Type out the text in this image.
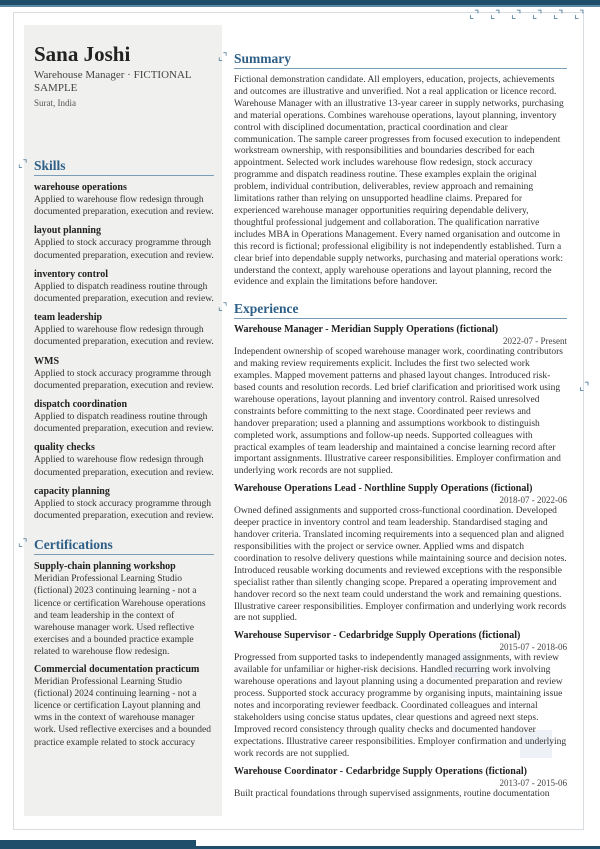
⌞⌝ ⌞⌝ ⌞⌝ ⌞⌝ ⌞⌝ ⌞⌝
Sana Joshi
Warehouse Manager · FICTIONAL SAMPLE
Surat, India
⌞⌝ Skills
warehouse operations
Applied to warehouse flow redesign through documented preparation, execution and review.
layout planning
Applied to stock accuracy programme through documented preparation, execution and review.
inventory control
Applied to dispatch readiness routine through documented preparation, execution and review.
team leadership
Applied to warehouse flow redesign through documented preparation, execution and review.
WMS
Applied to stock accuracy programme through documented preparation, execution and review.
dispatch coordination
Applied to dispatch readiness routine through documented preparation, execution and review.
quality checks
Applied to warehouse flow redesign through documented preparation, execution and review.
capacity planning
Applied to stock accuracy programme through documented preparation, execution and review.
⌞⌝ Certifications
Supply-chain planning workshop
Meridian Professional Learning Studio (fictional) 2023 continuing learning - not a licence or certification Warehouse operations and team leadership in the context of warehouse manager work. Used reflective exercises and a bounded practice example related to warehouse flow redesign.
Commercial documentation practicum
Meridian Professional Learning Studio (fictional) 2024 continuing learning - not a licence or certification Layout planning and wms in the context of warehouse manager work. Used reflective exercises and a bounded practice example related to stock accuracy
⌞⌝ Summary
Fictional demonstration candidate. All employers, education, projects, achievements and outcomes are illustrative and unverified. Not a real application or licence record. Warehouse Manager with an illustrative 13-year career in supply networks, purchasing and material operations. Combines warehouse operations, layout planning, inventory control with disciplined documentation, practical coordination and clear communication. The sample career progresses from focused execution to independent workstream ownership, with responsibilities and boundaries described for each appointment. Selected work includes warehouse flow redesign, stock accuracy programme and dispatch readiness routine. These examples explain the original problem, individual contribution, deliverables, review approach and remaining limitations rather than relying on unsupported headline claims. Prepared for experienced warehouse manager opportunities requiring dependable delivery, thoughtful professional judgement and collaboration. The qualification narrative includes MBA in Operations Management. Every named organisation and outcome in this record is fictional; professional eligibility is not independently established. Turn a clear brief into dependable supply networks, purchasing and material operations work: understand the context, apply warehouse operations and layout planning, record the evidence and explain the limitations before handover.
⌞⌝ Experience
Warehouse Manager - Meridian Supply Operations (fictional)
2022-07 - Present
Independent ownership of scoped warehouse manager work, coordinating contributors and making review requirements explicit. Includes the first two selected work examples. Mapped movement patterns and phased layout changes. Introduced risk-based counts and resolution records. Led brief clarification and prioritised work using warehouse operations, layout planning and inventory control. Raised unresolved constraints before committing to the next stage. Coordinated peer reviews and handover preparation; used a planning and assumptions workbook to distinguish completed work, assumptions and follow-up needs. Supported colleagues with practical examples of team leadership and maintained a concise learning record after important assignments. Illustrative career responsibilities. Employer confirmation and underlying work records are not supplied.
Warehouse Operations Lead - Northline Supply Operations (fictional)
2018-07 - 2022-06
Owned defined assignments and supported cross-functional coordination. Developed deeper practice in inventory control and team leadership. Standardised staging and handover criteria. Translated incoming requirements into a sequenced plan and aligned responsibilities with the project or service owner. Applied wms and dispatch coordination to resolve delivery questions while maintaining source and decision notes. Introduced reusable working documents and reviewed exceptions with the responsible specialist rather than silently changing scope. Prepared a operating improvement and handover record so the next team could understand the work and remaining questions. Illustrative career responsibilities. Employer confirmation and underlying work records are not supplied.
Warehouse Supervisor - Cedarbridge Supply Operations (fictional)
2015-07 - 2018-06
Progressed from supported tasks to independently managed assignments, with review available for unfamiliar or higher-risk decisions. Handled recurring work involving warehouse operations and layout planning using a documented preparation and review process. Supported stock accuracy programme by organising inputs, maintaining issue notes and incorporating reviewer feedback. Coordinated colleagues and internal stakeholders using concise status updates, clear questions and agreed next steps. Improved record consistency through quality checks and documented handover expectations. Illustrative career responsibilities. Employer confirmation and underlying work records are not supplied.
Warehouse Coordinator - Cedarbridge Supply Operations (fictional)
2013-07 - 2015-06
Built practical foundations through supervised assignments, routine documentation
⌞⌝
